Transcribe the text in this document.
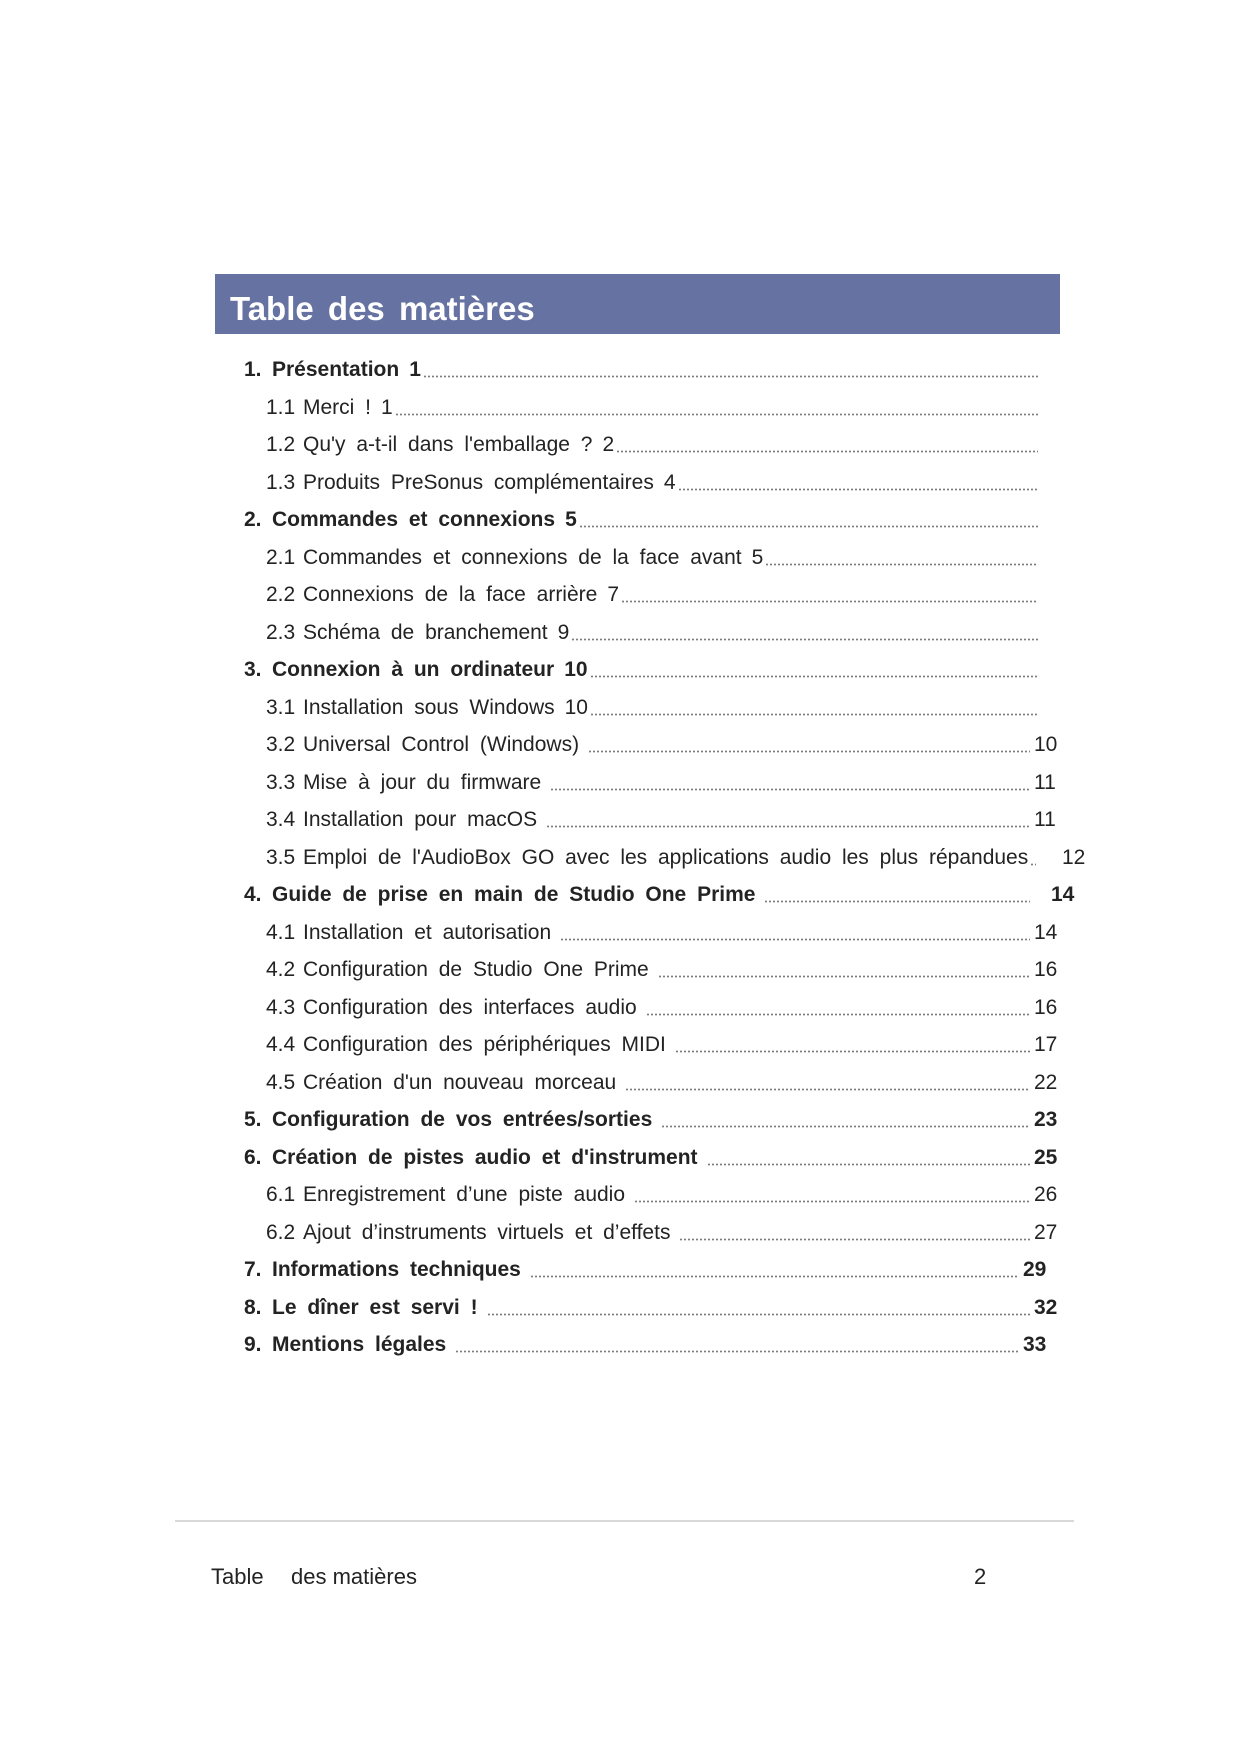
Table des matières
1. Présentation 1
1.1 Merci ! 1
1.2 Qu'y a-t-il dans l'emballage ? 2
1.3 Produits PreSonus complémentaires 4
2. Commandes et connexions 5
2.1 Commandes et connexions de la face avant 5
2.2 Connexions de la face arrière 7
2.3 Schéma de branchement 9
3. Connexion à un ordinateur 10
3.1 Installation sous Windows 10
3.2 Universal Control (Windows)	10
3.3 Mise à jour du firmware	11
3.4 Installation pour macOS	11
3.5 Emploi de l'AudioBox GO avec les applications audio les plus répandues 12
4. Guide de prise en main de Studio One Prime	14
4.1 Installation et autorisation	14
4.2 Configuration de Studio One Prime	16
4.3 Configuration des interfaces audio	16
4.4 Configuration des périphériques MIDI	17
4.5 Création d'un nouveau morceau	22
5. Configuration de vos entrées/sorties	23
6. Création de pistes audio et d'instrument	25
6.1 Enregistrement d’une piste audio	26
6.2 Ajout d’instruments virtuels et d’effets	27
7. Informations techniques	29
8. Le dîner est servi !	32
9. Mentions légales	33
Table des matières	2
